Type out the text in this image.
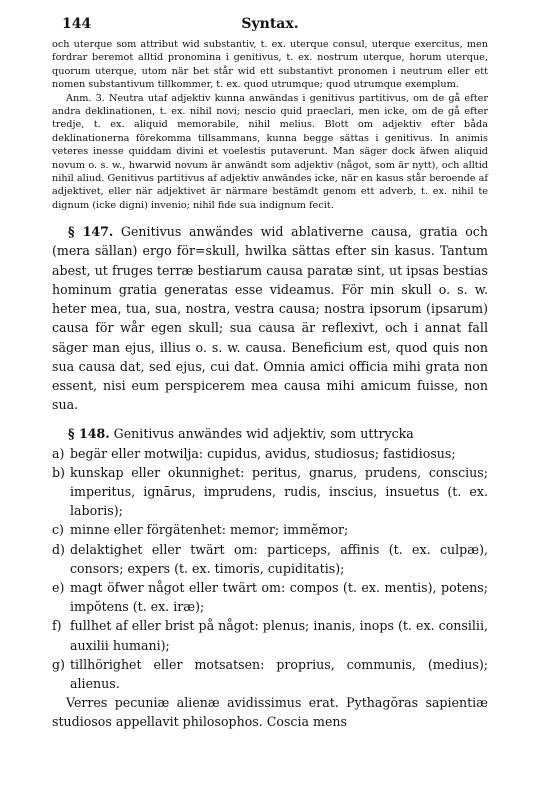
144	Syntax.

och uterque som attribut wid substantiv, t. ex. uterque consul, uterque exercitus, men fordrar beremot alltid pronomina i genitivus, t. ex. nostrum uterque, horum uterque, quorum uterque, utom när bet står wid ett substantivt pronomen i neutrum eller ett nomen substantivum tillkommer, t. ex. quod utrumque; quod utrumque exemplum.

Anm. 3. Neutra utaf adjektiv kunna anwändas i genitivus partitivus, om de gå efter andra deklinationen, t. ex. nihil novi; nescio quid praeclari, men icke, om de gå efter tredje, t. ex. aliquid memorabile, nihil melius. Blott om adjektiv efter båda deklinationerna förekomma tillsammans, kunna begge sättas i genitivus. In animis veteres inesse quiddam divini et voelestis putaverunt. Man säger dock äfwen aliquid novum o. s. w., hwarwid novum är anwändt som adjektiv (något, som är nytt), och alltid nihil aliud. Genitivus partitivus af adjektiv anwändes icke, när en kasus står beroende af adjektivet, eller när adjektivet är närmare bestämdt genom ett adverb, t. ex. nihil te dignum (icke digni) invenio; nihil fide sua indignum fecit.

§ 147. Genitivus anwändes wid ablativerne causa, gratia och (mera sällan) ergo för=skull, hwilka sättas efter sin kasus. Tantum abest, ut fruges terræ bestiarum causa paratæ sint, ut ipsas bestias hominum gratia generatas esse videamus. För min skull o. s. w. heter mea, tua, sua, nostra, vestra causa; nostra ipsorum (ipsarum) causa för wår egen skull; sua causa är reflexivt, och i annat fall säger man ejus, illius o. s. w. causa. Beneficium est, quod quis non sua causa dat, sed ejus, cui dat. Omnia amici officia mihi grata non essent, nisi eum perspicerem mea causa mihi amicum fuisse, non sua.

§ 148. Genitivus anwändes wid adjektiv, som uttrycka

a) begär eller motwilja: cupidus, avidus, studiosus; fastidiosus;
b) kunskap eller okunnighet: peritus, gnarus, prudens, conscius; imperitus, ignārus, imprudens, rudis, inscius, insuetus (t. ex. laboris);
c) minne eller förgätenhet: memor; immĕmor;
d) delaktighet eller twärt om: particeps, affinis (t. ex. culpæ), consors; expers (t. ex. timoris, cupiditatis);
e) magt öfwer något eller twärt om: compos (t. ex. mentis), potens; impŏtens (t. ex. iræ);
f) fullhet af eller brist på något: plenus; inanis, inops (t. ex. consilii, auxilii humani);
g) tillhörighet eller motsatsen: proprius, communis, (medius); alienus.

Verres pecuniæ alienæ avidissimus erat. Pythagŏras sapientiæ studiosos appellavit philosophos. Coscia mens
